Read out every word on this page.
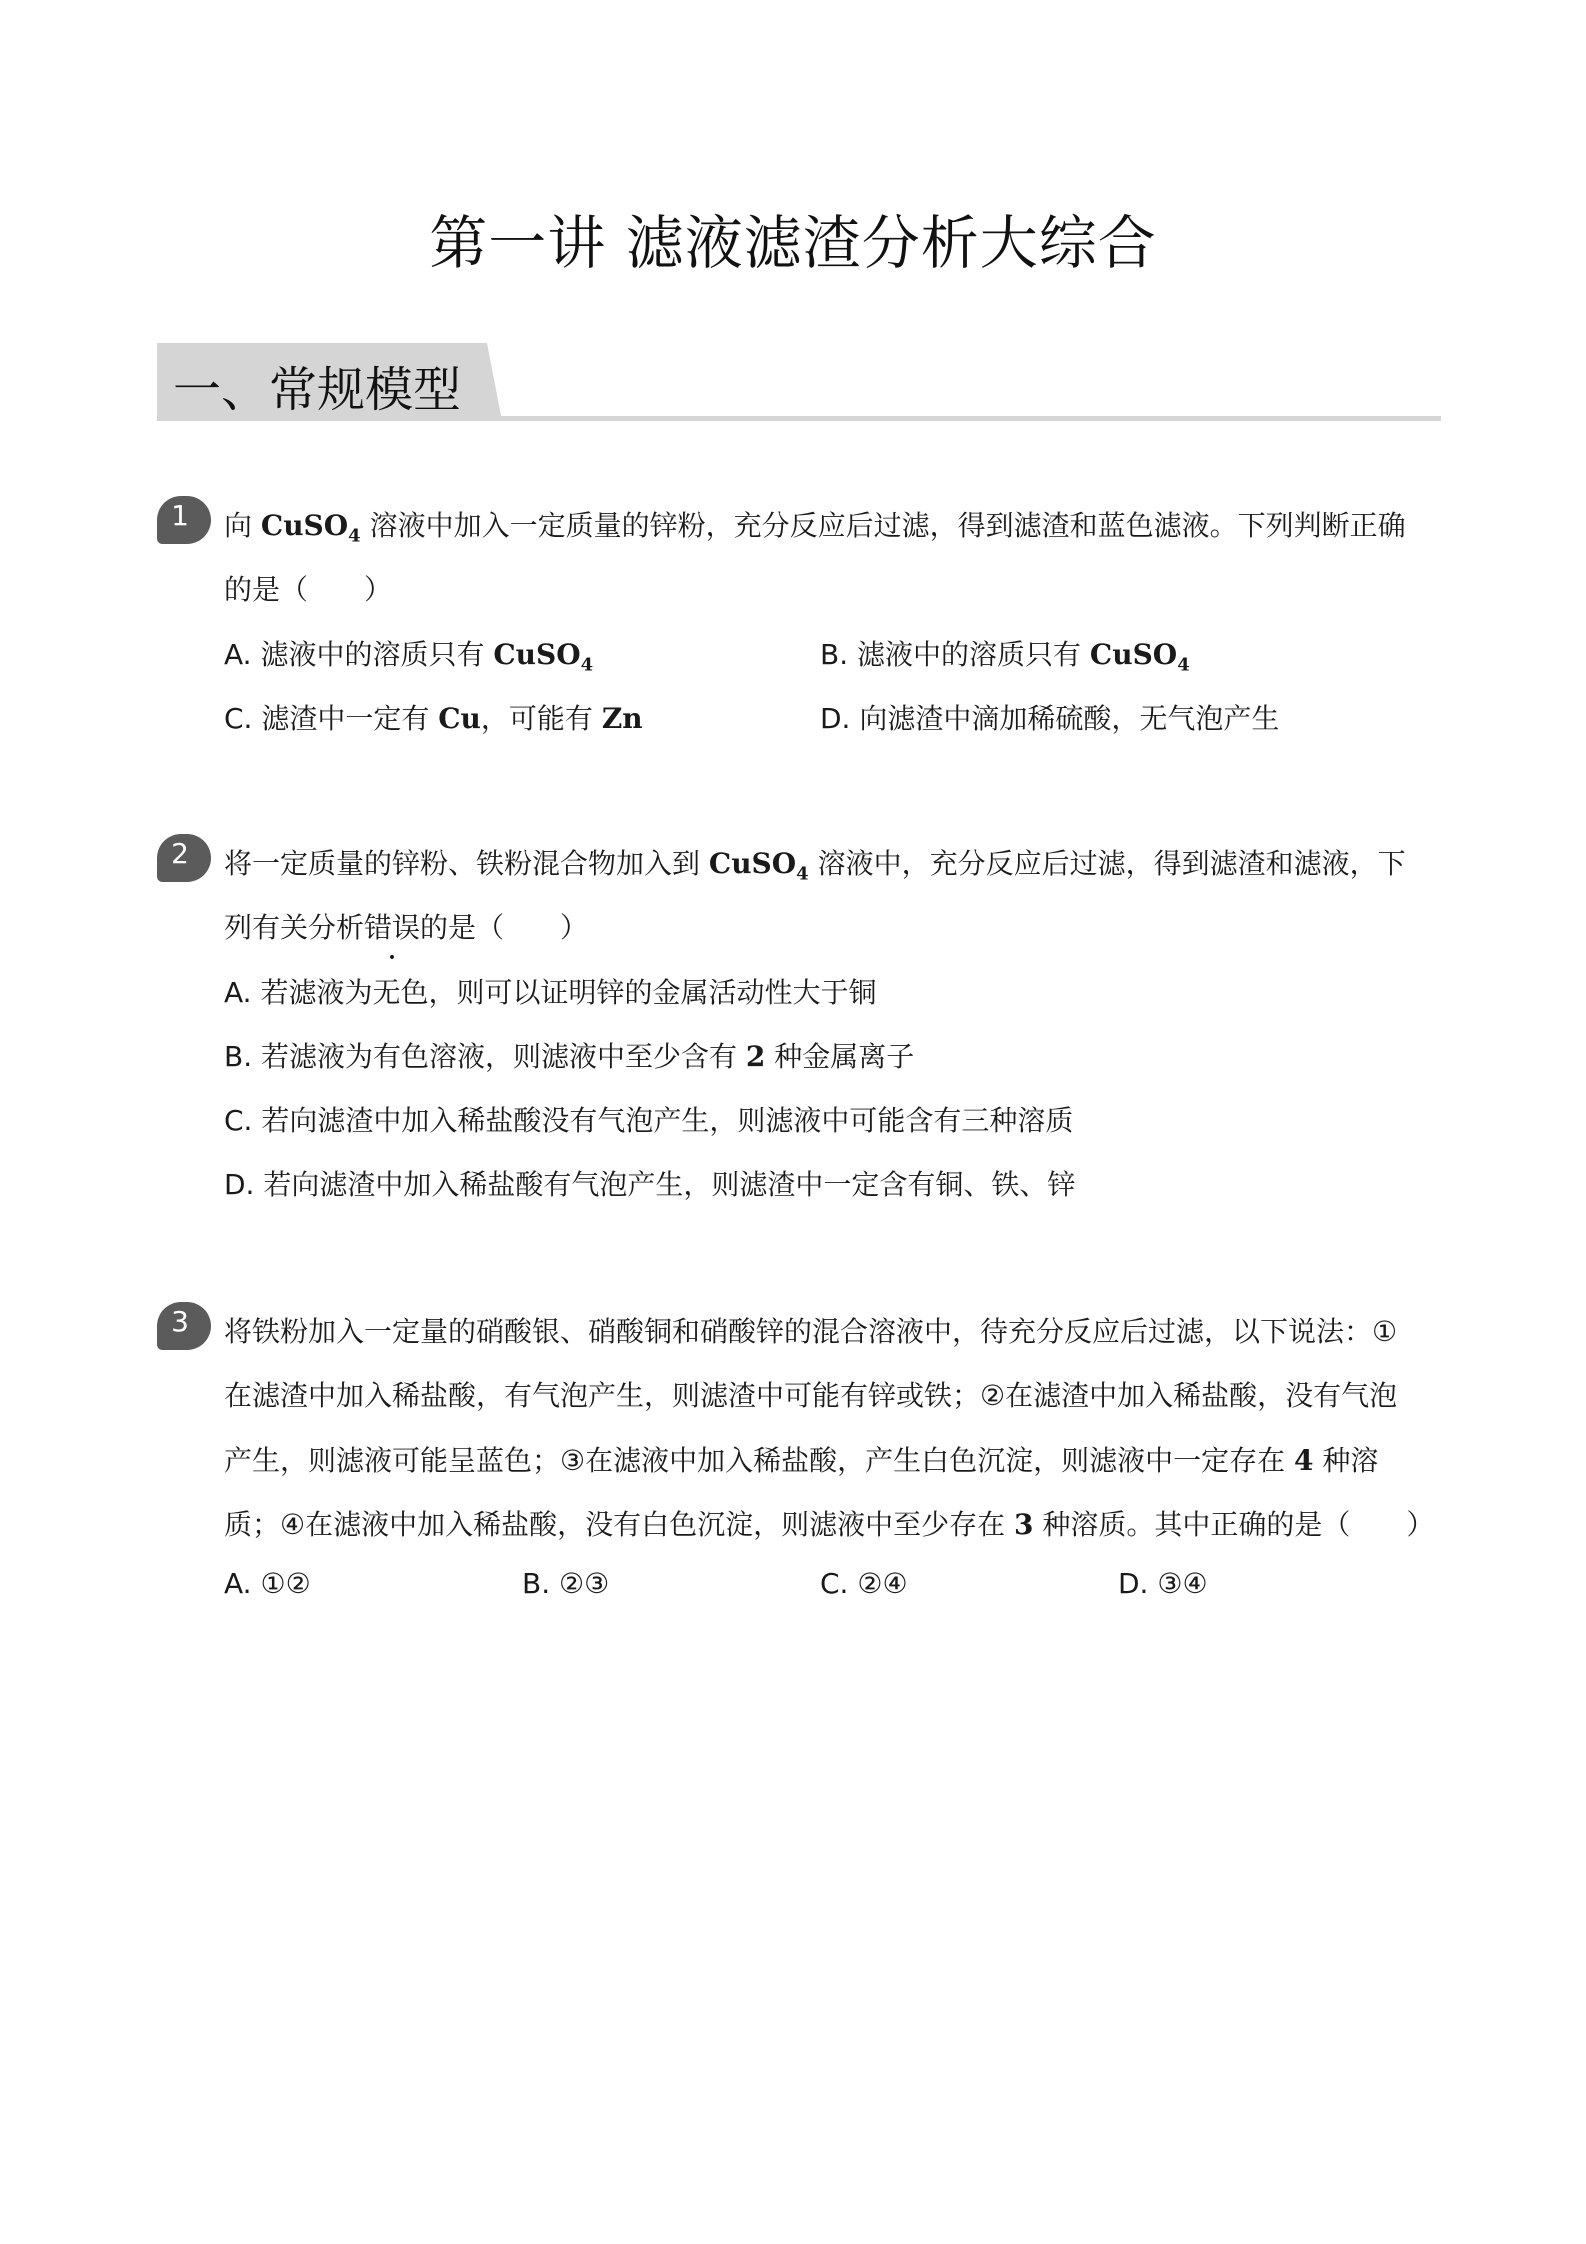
第一讲 滤液滤渣分析大综合
一、常规模型
1	向 CuSO$_4$ 溶液中加入一定质量的锌粉，充分反应后过滤，得到滤渣和蓝色滤液。下列判断正确
的是（　　）
A. 滤液中的溶质只有 CuSO$_4$	B. 滤液中的溶质只有 CuSO$_4$
C. 滤渣中一定有 Cu，可能有 Zn	D. 向滤渣中滴加稀硫酸，无气泡产生
2	将一定质量的锌粉、铁粉混合物加入到 CuSO$_4$ 溶液中，充分反应后过滤，得到滤渣和滤液，下
列有关分析错误的是（　　）
A. 若滤液为无色，则可以证明锌的金属活动性大于铜
B. 若滤液为有色溶液，则滤液中至少含有 2 种金属离子
C. 若向滤渣中加入稀盐酸没有气泡产生，则滤液中可能含有三种溶质
D. 若向滤渣中加入稀盐酸有气泡产生，则滤渣中一定含有铜、铁、锌
3	将铁粉加入一定量的硝酸银、硝酸铜和硝酸锌的混合溶液中，待充分反应后过滤，以下说法：①
在滤渣中加入稀盐酸，有气泡产生，则滤渣中可能有锌或铁；②在滤渣中加入稀盐酸，没有气泡
产生，则滤液可能呈蓝色；③在滤液中加入稀盐酸，产生白色沉淀，则滤液中一定存在 4 种溶
质；④在滤液中加入稀盐酸，没有白色沉淀，则滤液中至少存在 3 种溶质。其中正确的是（　　）
A. ①②	B. ②③	C. ②④	D. ③④
